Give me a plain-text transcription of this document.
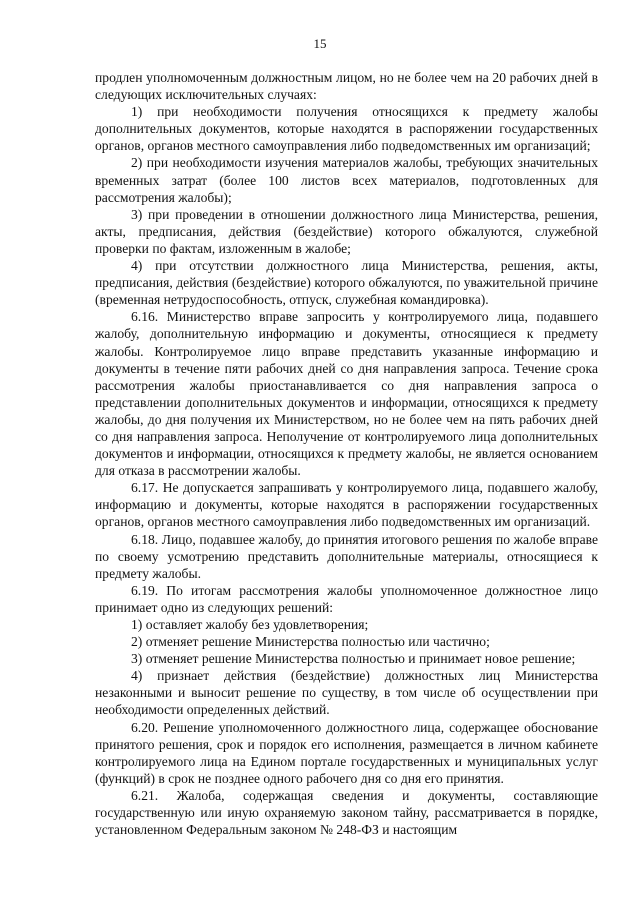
15

продлен уполномоченным должностным лицом, но не более чем на 20 рабочих дней в следующих исключительных случаях:

1) при необходимости получения относящихся к предмету жалобы дополнительных документов, которые находятся в распоряжении государственных органов, органов местного самоуправления либо подведомственных им организаций;

2) при необходимости изучения материалов жалобы, требующих значительных временных затрат (более 100 листов всех материалов, подготовленных для рассмотрения жалобы);

3) при проведении в отношении должностного лица Министерства, решения, акты, предписания, действия (бездействие) которого обжалуются, служебной проверки по фактам, изложенным в жалобе;

4) при отсутствии должностного лица Министерства, решения, акты, предписания, действия (бездействие) которого обжалуются, по уважительной причине (временная нетрудоспособность, отпуск, служебная командировка).

6.16. Министерство вправе запросить у контролируемого лица, подавшего жалобу, дополнительную информацию и документы, относящиеся к предмету жалобы. Контролируемое лицо вправе представить указанные информацию и документы в течение пяти рабочих дней со дня направления запроса. Течение срока рассмотрения жалобы приостанавливается со дня направления запроса о представлении дополнительных документов и информации, относящихся к предмету жалобы, до дня получения их Министерством, но не более чем на пять рабочих дней со дня направления запроса. Неполучение от контролируемого лица дополнительных документов и информации, относящихся к предмету жалобы, не является основанием для отказа в рассмотрении жалобы.

6.17. Не допускается запрашивать у контролируемого лица, подавшего жалобу, информацию и документы, которые находятся в распоряжении государственных органов, органов местного самоуправления либо подведомственных им организаций.

6.18. Лицо, подавшее жалобу, до принятия итогового решения по жалобе вправе по своему усмотрению представить дополнительные материалы, относящиеся к предмету жалобы.

6.19. По итогам рассмотрения жалобы уполномоченное должностное лицо принимает одно из следующих решений:

1) оставляет жалобу без удовлетворения;

2) отменяет решение Министерства полностью или частично;

3) отменяет решение Министерства полностью и принимает новое решение;

4) признает действия (бездействие) должностных лиц Министерства незаконными и выносит решение по существу, в том числе об осуществлении при необходимости определенных действий.

6.20. Решение уполномоченного должностного лица, содержащее обоснование принятого решения, срок и порядок его исполнения, размещается в личном кабинете контролируемого лица на Едином портале государственных и муниципальных услуг (функций) в срок не позднее одного рабочего дня со дня его принятия.

6.21. Жалоба, содержащая сведения и документы, составляющие государственную или иную охраняемую законом тайну, рассматривается в порядке, установленном Федеральным законом № 248-ФЗ и настоящим
